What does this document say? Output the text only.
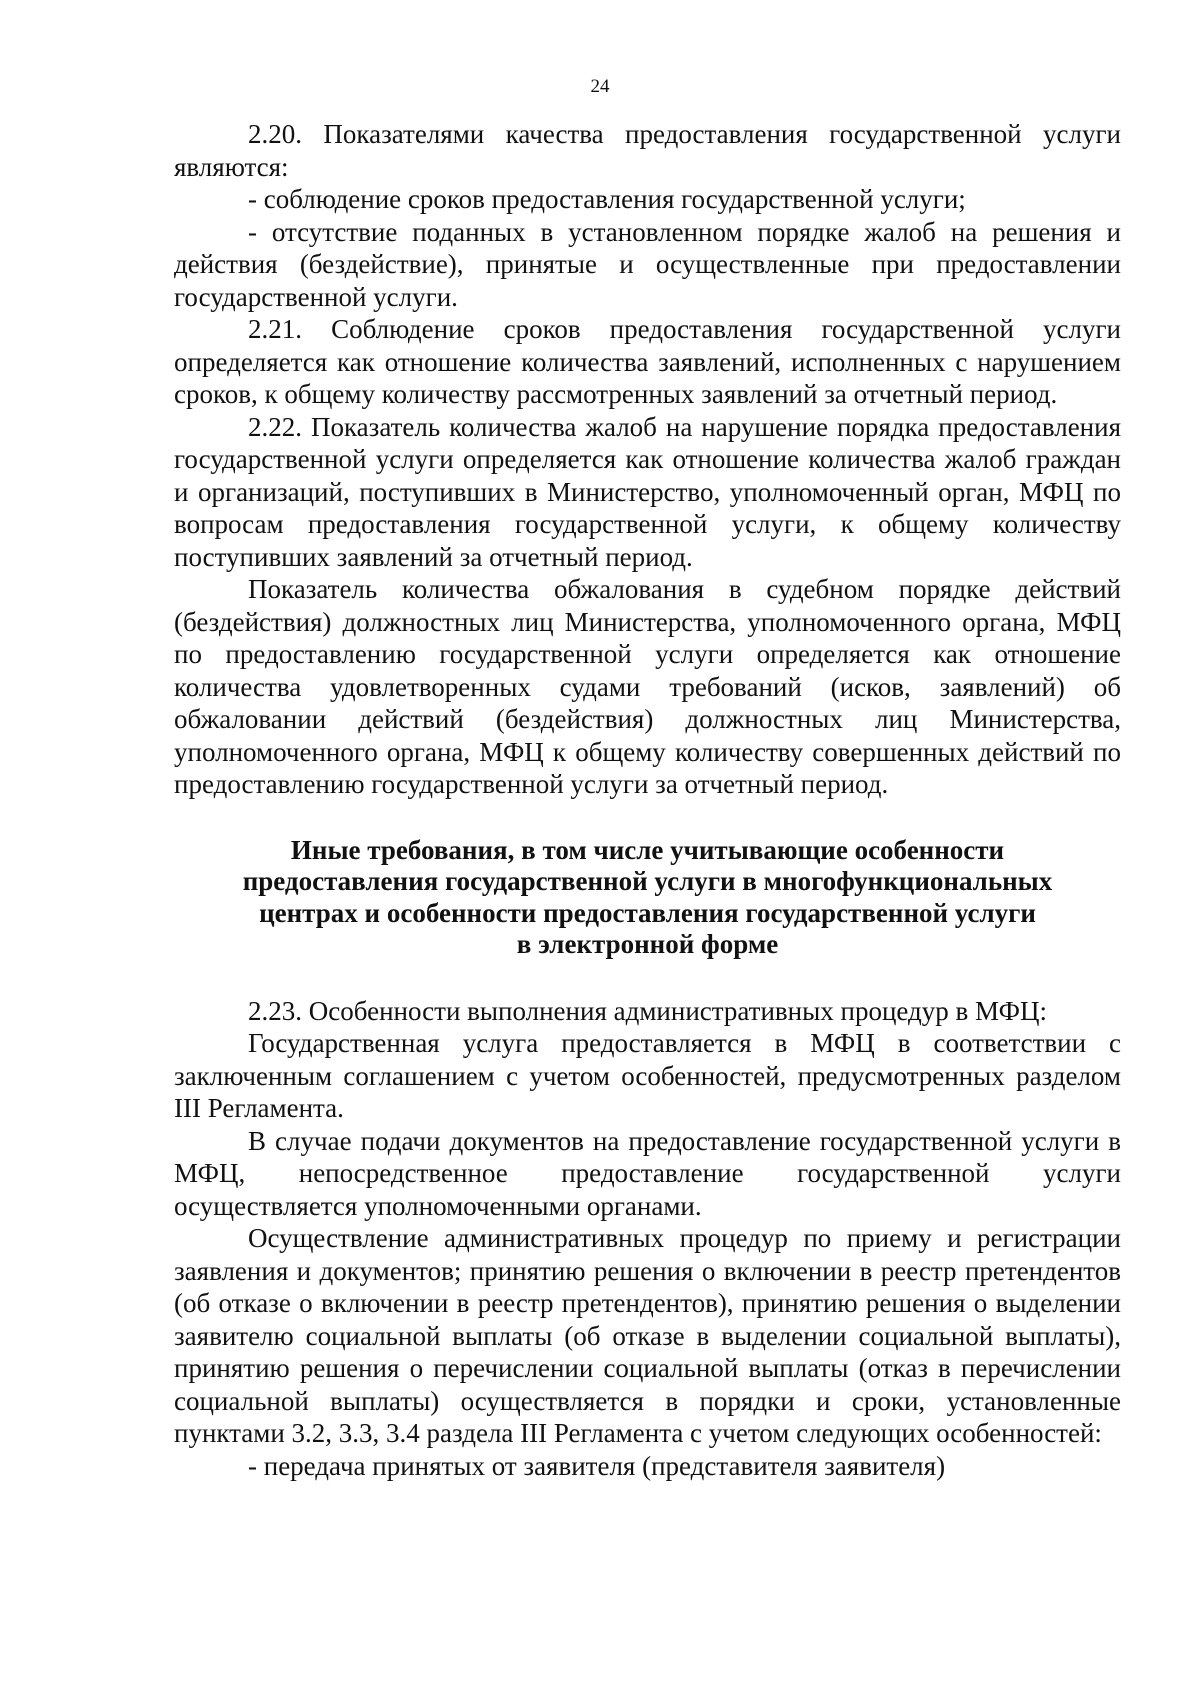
24

2.20. Показателями качества предоставления государственной услуги являются:

- соблюдение сроков предоставления государственной услуги;

- отсутствие поданных в установленном порядке жалоб на решения и действия (бездействие), принятые и осуществленные при предоставлении государственной услуги.

2.21. Соблюдение сроков предоставления государственной услуги определяется как отношение количества заявлений, исполненных с нарушением сроков, к общему количеству рассмотренных заявлений за отчетный период.

2.22. Показатель количества жалоб на нарушение порядка предоставления государственной услуги определяется как отношение количества жалоб граждан и организаций, поступивших в Министерство, уполномоченный орган, МФЦ по вопросам предоставления государственной услуги, к общему количеству поступивших заявлений за отчетный период.

Показатель количества обжалования в судебном порядке действий (бездействия) должностных лиц Министерства, уполномоченного органа, МФЦ по предоставлению государственной услуги определяется как отношение количества удовлетворенных судами требований (исков, заявлений) об обжаловании действий (бездействия) должностных лиц Министерства, уполномоченного органа, МФЦ к общему количеству совершенных действий по предоставлению государственной услуги за отчетный период.

Иные требования, в том числе учитывающие особенности
предоставления государственной услуги в многофункциональных
центрах и особенности предоставления государственной услуги
в электронной форме

2.23. Особенности выполнения административных процедур в МФЦ:

Государственная услуга предоставляется в МФЦ в соответствии с заключенным соглашением с учетом особенностей, предусмотренных разделом III Регламента.

В случае подачи документов на предоставление государственной услуги в МФЦ, непосредственное предоставление государственной услуги осуществляется уполномоченными органами.

Осуществление административных процедур по приему и регистрации заявления и документов; принятию решения о включении в реестр претендентов (об отказе о включении в реестр претендентов), принятию решения о выделении заявителю социальной выплаты (об отказе в выделении социальной выплаты), принятию решения о перечислении социальной выплаты (отказ в перечислении социальной выплаты) осуществляется в порядки и сроки, установленные пунктами 3.2, 3.3, 3.4 раздела III Регламента с учетом следующих особенностей:

- передача принятых от заявителя (представителя заявителя)
